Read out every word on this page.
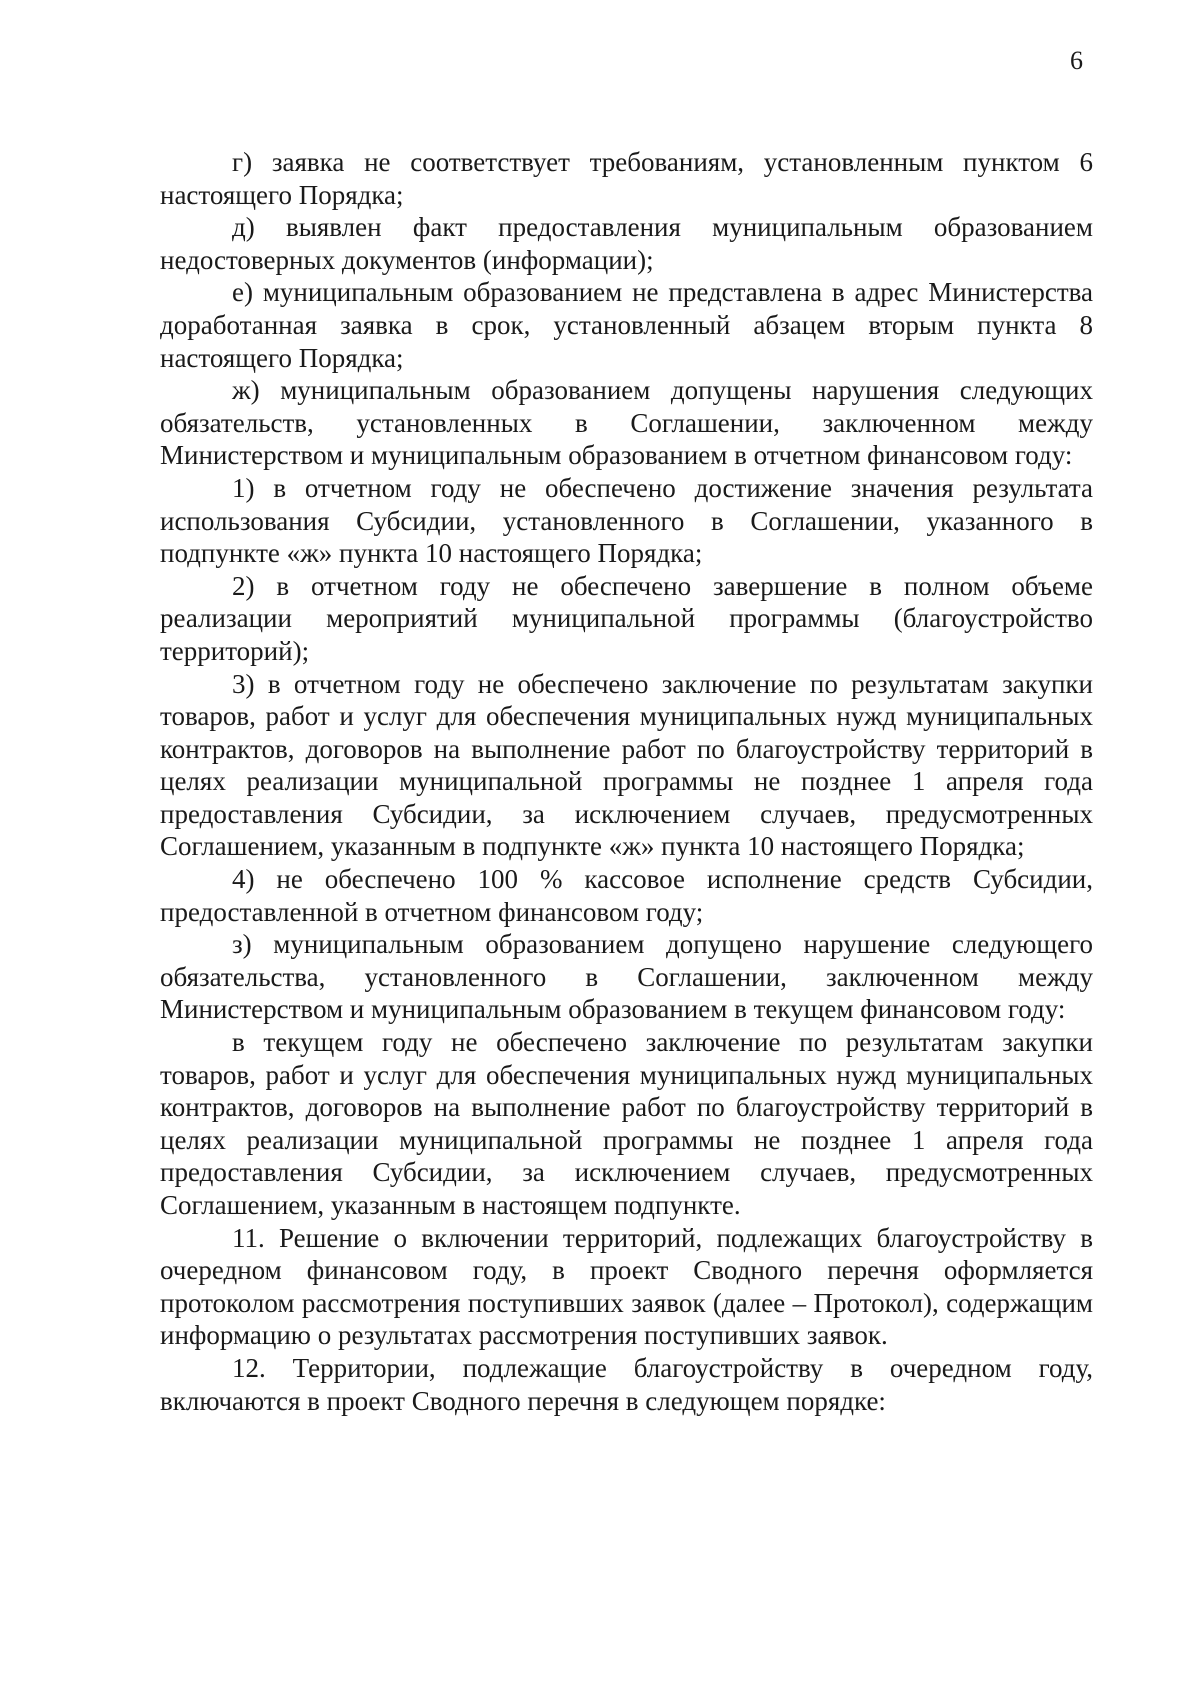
6

г) заявка не соответствует требованиям, установленным пунктом 6 настоящего Порядка;

д) выявлен факт предоставления муниципальным образованием недостоверных документов (информации);

е) муниципальным образованием не представлена в адрес Министерства доработанная заявка в срок, установленный абзацем вторым пункта 8 настоящего Порядка;

ж) муниципальным образованием допущены нарушения следующих обязательств, установленных в Соглашении, заключенном между Министерством и муниципальным образованием в отчетном финансовом году:

1) в отчетном году не обеспечено достижение значения результата использования Субсидии, установленного в Соглашении, указанного в подпункте «ж» пункта 10 настоящего Порядка;

2) в отчетном году не обеспечено завершение в полном объеме реализации мероприятий муниципальной программы (благоустройство территорий);

3) в отчетном году не обеспечено заключение по результатам закупки товаров, работ и услуг для обеспечения муниципальных нужд муниципальных контрактов, договоров на выполнение работ по благоустройству территорий в целях реализации муниципальной программы не позднее 1 апреля года предоставления Субсидии, за исключением случаев, предусмотренных Соглашением, указанным в подпункте «ж» пункта 10 настоящего Порядка;

4) не обеспечено 100 % кассовое исполнение средств Субсидии, предоставленной в отчетном финансовом году;

з) муниципальным образованием допущено нарушение следующего обязательства, установленного в Соглашении, заключенном между Министерством и муниципальным образованием в текущем финансовом году:

в текущем году не обеспечено заключение по результатам закупки товаров, работ и услуг для обеспечения муниципальных нужд муниципальных контрактов, договоров на выполнение работ по благоустройству территорий в целях реализации муниципальной программы не позднее 1 апреля года предоставления Субсидии, за исключением случаев, предусмотренных Соглашением, указанным в настоящем подпункте.

11. Решение о включении территорий, подлежащих благоустройству в очередном финансовом году, в проект Сводного перечня оформляется протоколом рассмотрения поступивших заявок (далее – Протокол), содержащим информацию о результатах рассмотрения поступивших заявок.

12. Территории, подлежащие благоустройству в очередном году, включаются в проект Сводного перечня в следующем порядке:
